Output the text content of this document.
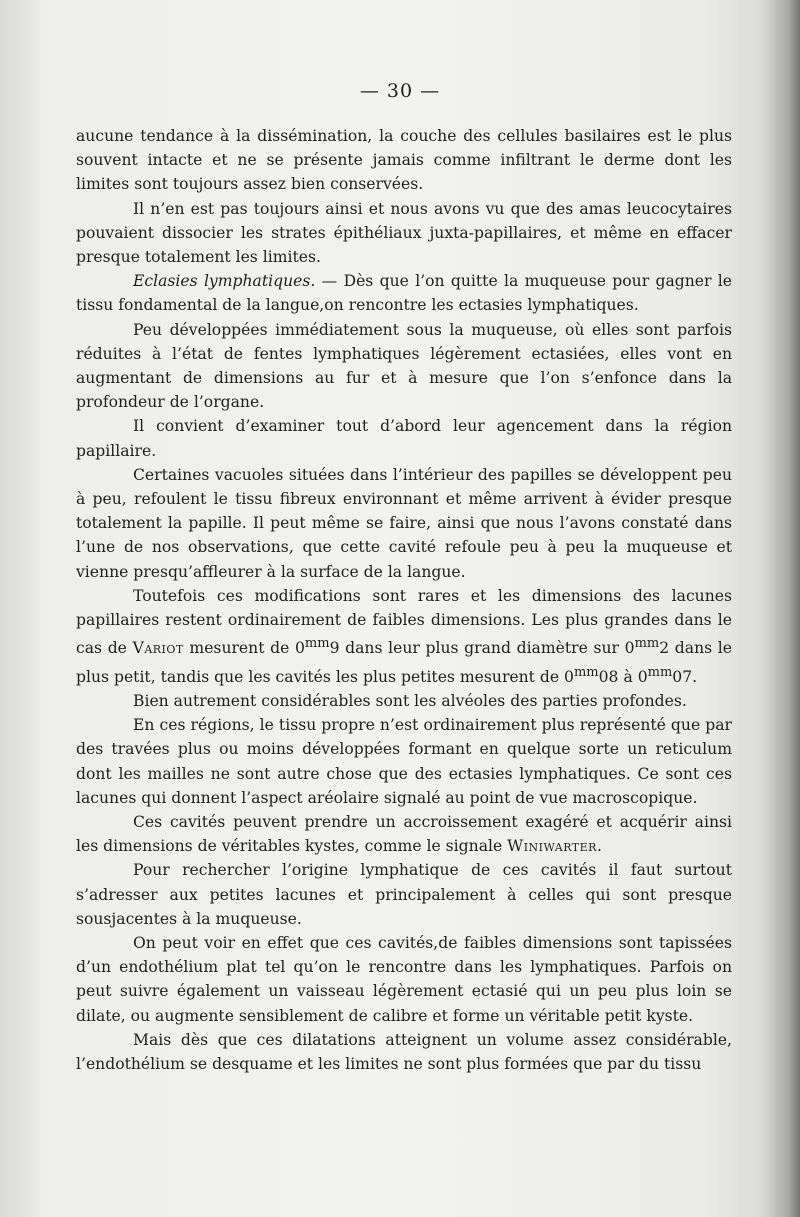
— 30 —

aucune tendance à la dissémination, la couche des cellules basilaires est le plus souvent intacte et ne se présente jamais comme infiltrant le derme dont les limites sont toujours assez bien conservées.

Il n’en est pas toujours ainsi et nous avons vu que des amas leucocytaires pouvaient dissocier les strates épithéliaux juxta-papillaires, et même en effacer presque totalement les limites.

Eclasies lymphatiques. — Dès que l’on quitte la muqueuse pour gagner le tissu fondamental de la langue,on rencontre les ectasies lymphatiques.

Peu développées immédiatement sous la muqueuse, où elles sont parfois réduites à l’état de fentes lymphatiques légèrement ectasiées, elles vont en augmentant de dimensions au fur et à mesure que l’on s’enfonce dans la profondeur de l’organe.

Il convient d’examiner tout d’abord leur agencement dans la région papillaire.

Certaines vacuoles situées dans l’intérieur des papilles se développent peu à peu, refoulent le tissu fibreux environnant et même arrivent à évider presque totalement la papille. Il peut même se faire, ainsi que nous l’avons constaté dans l’une de nos observations, que cette cavité refoule peu à peu la muqueuse et vienne presqu’affleurer à la surface de la langue.

Toutefois ces modifications sont rares et les dimensions des lacunes papillaires restent ordinairement de faibles dimensions. Les plus grandes dans le cas de Variot mesurent de $0^{mm}9$ dans leur plus grand diamètre sur $0^{mm}2$ dans le plus petit, tandis que les cavités les plus petites mesurent de $0^{mm}08$ à $0^{mm}07$.

Bien autrement considérables sont les alvéoles des parties profondes.

En ces régions, le tissu propre n’est ordinairement plus représenté que par des travées plus ou moins développées formant en quelque sorte un reticulum dont les mailles ne sont autre chose que des ectasies lymphatiques. Ce sont ces lacunes qui donnent l’aspect aréolaire signalé au point de vue macroscopique.

Ces cavités peuvent prendre un accroissement exagéré et acquérir ainsi les dimensions de véritables kystes, comme le signale Winiwarter.

Pour rechercher l’origine lymphatique de ces cavités il faut surtout s’adresser aux petites lacunes et principalement à celles qui sont presque sousjacentes à la muqueuse.

On peut voir en effet que ces cavités,de faibles dimensions sont tapissées d’un endothélium plat tel qu’on le rencontre dans les lymphatiques. Parfois on peut suivre également un vaisseau légèrement ectasié qui un peu plus loin se dilate, ou augmente sensiblement de calibre et forme un véritable petit kyste.

Mais dès que ces dilatations atteignent un volume assez considérable, l’endothélium se desquame et les limites ne sont plus formées que par du tissu
